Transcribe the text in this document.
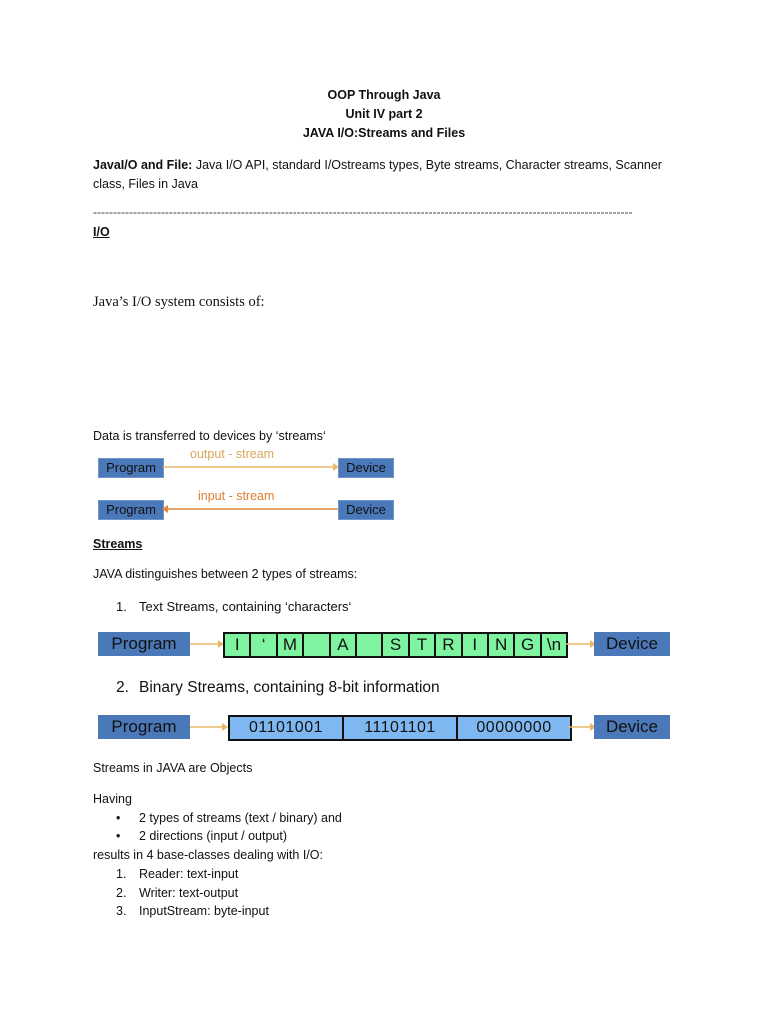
OOP Through Java
Unit IV part 2
JAVA I/O:Streams and Files
JavaI/O and File: Java I/O API, standard I/Ostreams types, Byte streams, Character streams, Scanner
class, Files in Java
---------------------------------------------------------------------------------------------------------------------------------------
I/O
Java’s I/O system consists of:
Data is transferred to devices by ‘streams‘
Program
output - stream
Device
Program
input - stream
Device
Streams
JAVA distinguishes between 2 types of streams:
1. Text Streams, containing ‘characters‘
Program	I	‘	M	A	S T R	I	N G \n	Device
2. Binary Streams, containing 8-bit information
Program	01101001	11101101	00000000	Device
Streams in JAVA are Objects
Having
• 2 types of streams (text / binary) and
• 2 directions (input / output)
results in 4 base-classes dealing with I/O:
1. Reader: text-input
2. Writer: text-output
3. InputStream: byte-input
